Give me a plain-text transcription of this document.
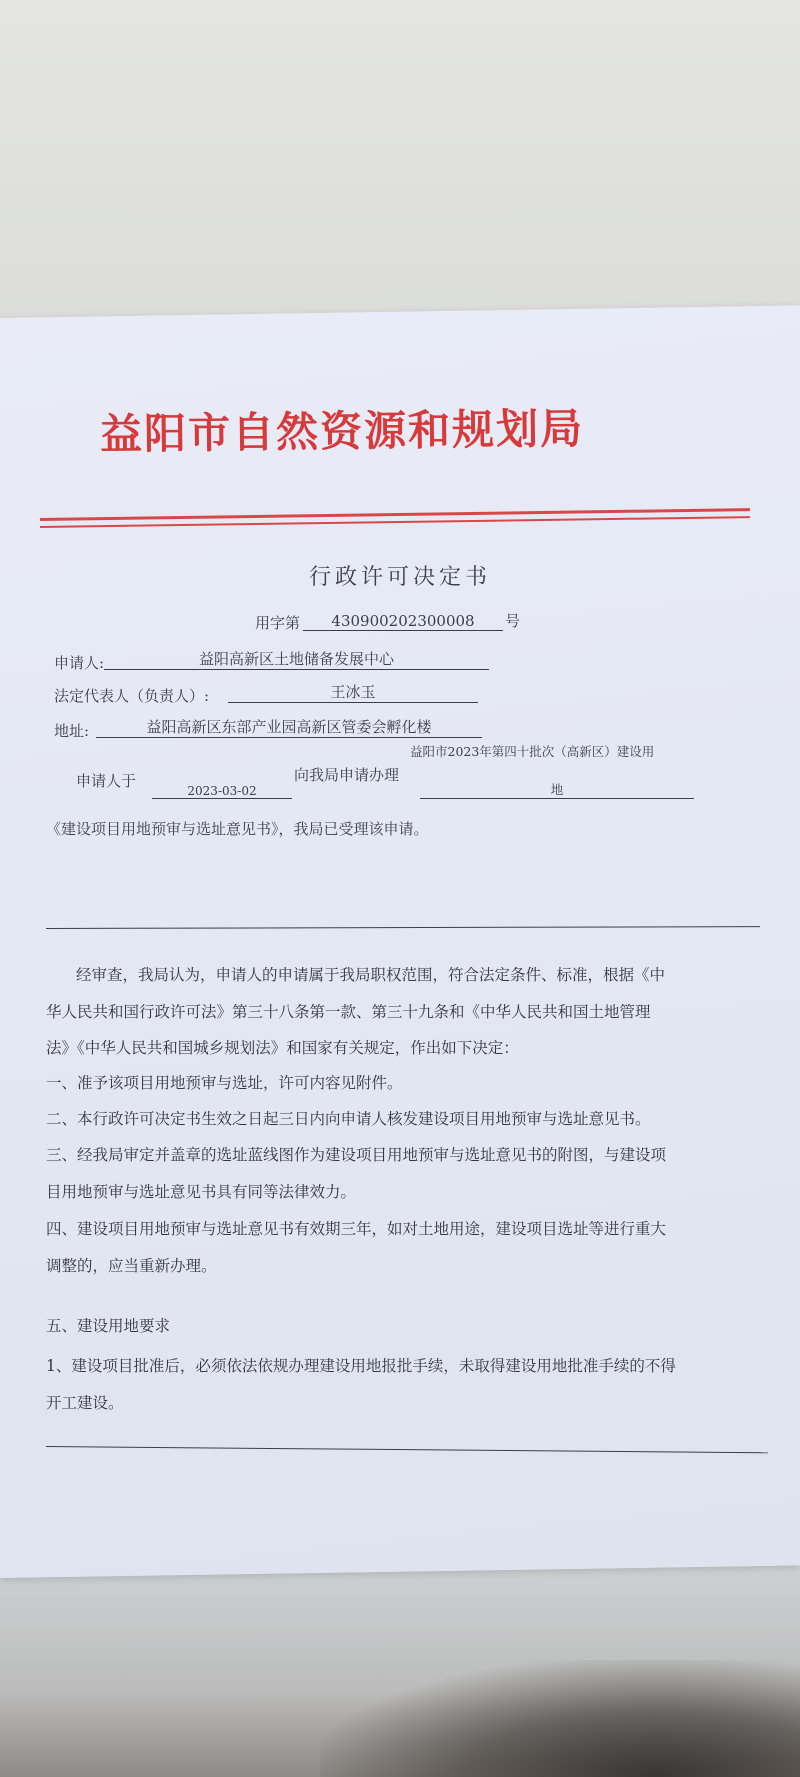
益阳市自然资源和规划局
行政许可决定书
用字第	430900202300008	号
申请人:	益阳高新区土地储备发展中心
法定代表人（负责人）:	王冰玉
地址:	益阳高新区东部产业园高新区管委会孵化楼
申请人于
2023-03-02
向我局申请办理
益阳市2023年第四十批次（高新区）建设用
地
《建设项目用地预审与选址意见书》，我局已受理该申请。
经审查，我局认为，申请人的申请属于我局职权范围，符合法定条件、标准，根据《中
华人民共和国行政许可法》第三十八条第一款、第三十九条和《中华人民共和国土地管理
法》《中华人民共和国城乡规划法》和国家有关规定，作出如下决定：
一、准予该项目用地预审与选址，许可内容见附件。
二、本行政许可决定书生效之日起三日内向申请人核发建设项目用地预审与选址意见书。
三、经我局审定并盖章的选址蓝线图作为建设项目用地预审与选址意见书的附图，与建设项
目用地预审与选址意见书具有同等法律效力。
四、建设项目用地预审与选址意见书有效期三年，如对土地用途，建设项目选址等进行重大
调整的，应当重新办理。
五、建设用地要求
1、建设项目批准后，必须依法依规办理建设用地报批手续，未取得建设用地批准手续的不得
开工建设。
